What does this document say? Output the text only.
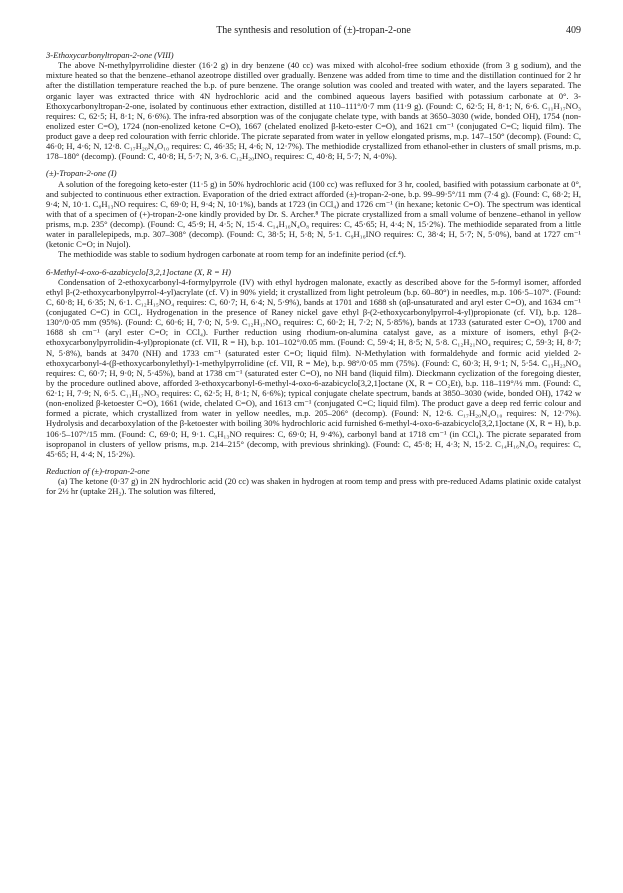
The synthesis and resolution of (±)-tropan-2-one	409

3-Ethoxycarbonyltropan-2-one (VIII)

The above N-methylpyrrolidine diester (16·2 g) in dry benzene (40 cc) was mixed with alcohol-free sodium ethoxide (from 3 g sodium), and the mixture heated so that the benzene–ethanol azeotrope distilled over gradually. Benzene was added from time to time and the distillation continued for 2 hr after the distillation temperature reached the b.p. of pure benzene. The orange solution was cooled and treated with water, and the layers separated. The organic layer was extracted thrice with 4N hydrochloric acid and the combined aqueous layers basified with potassium carbonate at 0°. 3-Ethoxycarbonyltropan-2-one, isolated by continuous ether extraction, distilled at 110–111°/0·7 mm (11·9 g). (Found: C, 62·5; H, 8·1; N, 6·6. C₁₁H₁₇NO₃ requires: C, 62·5; H, 8·1; N, 6·6%). The infra-red absorption was of the conjugate chelate type, with bands at 3650–3030 (wide, bonded OH), 1754 (non-enolized ester C=O), 1724 (non-enolized ketone C=O), 1667 (chelated enolized β-keto-ester C=O), and 1621 cm⁻¹ (conjugated C=C; liquid film). The product gave a deep red colouration with ferric chloride. The picrate separated from water in yellow elongated prisms, m.p. 147–150° (decomp). (Found: C, 46·0; H, 4·6; N, 12·8. C₁₇H₂₀N₄O₁₀ requires: C, 46·35; H, 4·6; N, 12·7%). The methiodide crystallized from ethanol-ether in clusters of small prisms, m.p. 178–180° (decomp). (Found: C, 40·8; H, 5·7; N, 3·6. C₁₂H₂₀INO₃ requires: C, 40·8; H, 5·7; N, 4·0%).

(±)-Tropan-2-one (I)

A solution of the foregoing keto-ester (11·5 g) in 50% hydrochloric acid (100 cc) was refluxed for 3 hr, cooled, basified with potassium carbonate at 0°, and subjected to continuous ether extraction. Evaporation of the dried extract afforded (±)-tropan-2-one, b.p. 99–99·5°/11 mm (7·4 g). (Found: C, 68·2; H, 9·4; N, 10·1. C₈H₁₃NO requires: C, 69·0; H, 9·4; N, 10·1%), bands at 1723 (in CCl₄) and 1726 cm⁻¹ (in hexane; ketonic C=O). The spectrum was identical with that of a specimen of (+)-tropan-2-one kindly provided by Dr. S. Archer.⁸ The picrate crystallized from a small volume of benzene–ethanol in yellow prisms, m.p. 235° (decomp). (Found: C, 45·9; H, 4·5; N, 15·4. C₁₄H₁₆N₄O₈ requires: C, 45·65; H, 4·4; N, 15·2%). The methiodide separated from a little water in parallelepipeds, m.p. 307–308° (decomp). (Found: C, 38·5; H, 5·8; N, 5·1. C₉H₁₆INO requires: C, 38·4; H, 5·7; N, 5·0%), band at 1727 cm⁻¹ (ketonic C=O; in Nujol).

The methiodide was stable to sodium hydrogen carbonate at room temp for an indefinite period (cf.⁴).

6-Methyl-4-oxo-6-azabicyclo[3,2,1]octane (X, R = H)

Condensation of 2-ethoxycarbonyl-4-formylpyrrole (IV) with ethyl hydrogen malonate, exactly as described above for the 5-formyl isomer, afforded ethyl β-(2-ethoxycarbonylpyrrol-4-yl)acrylate (cf. V) in 90% yield; it crystallized from light petroleum (b.p. 60–80°) in needles, m.p. 106·5–107°. (Found: C, 60·8; H, 6·35; N, 6·1. C₁₂H₁₅NO₄ requires: C, 60·7; H, 6·4; N, 5·9%), bands at 1701 and 1688 sh (αβ-unsaturated and aryl ester C=O), and 1634 cm⁻¹ (conjugated C=C) in CCl₄. Hydrogenation in the presence of Raney nickel gave ethyl β-(2-ethoxycarbonylpyrrol-4-yl)propionate (cf. VI), b.p. 128–130°/0·05 mm (95%). (Found: C, 60·6; H, 7·0; N, 5·9. C₁₂H₁₇NO₄ requires: C, 60·2; H, 7·2; N, 5·85%), bands at 1733 (saturated ester C=O), 1700 and 1688 sh cm⁻¹ (aryl ester C=O; in CCl₄). Further reduction using rhodium-on-alumina catalyst gave, as a mixture of isomers, ethyl β-(2-ethoxycarbonylpyrrolidin-4-yl)propionate (cf. VII, R = H), b.p. 101–102°/0.05 mm. (Found: C, 59·4; H, 8·5; N, 5·8. C₁₂H₂₁NO₄ requires; C, 59·3; H, 8·7; N, 5·8%), bands at 3470 (NH) and 1733 cm⁻¹ (saturated ester C=O; liquid film). N-Methylation with formaldehyde and formic acid yielded 2-ethoxycarbonyl-4-(β-ethoxycarbonylethyl)-1-methylpyrrolidine (cf. VII, R = Me), b.p. 98°/0·05 mm (75%). (Found: C, 60·3; H, 9·1; N, 5·54. C₁₃H₂₃NO₄ requires: C, 60·7; H, 9·0; N, 5·45%), band at 1738 cm⁻¹ (saturated ester C=O), no NH band (liquid film). Dieckmann cyclization of the foregoing diester, by the procedure outlined above, afforded 3-ethoxycarbonyl-6-methyl-4-oxo-6-azabicyclo[3,2,1]octane (X, R = CO₂Et), b.p. 118–119°/½ mm. (Found: C, 62·1; H, 7·9; N, 6·5. C₁₁H₁₇NO₃ requires: C, 62·5; H, 8·1; N, 6·6%); typical conjugate chelate spectrum, bands at 3850–3030 (wide, bonded OH), 1742 w (non-enolized β-ketoester C=O), 1661 (wide, chelated C=O), and 1613 cm⁻¹ (conjugated C=C; liquid film). The product gave a deep red ferric colour and formed a picrate, which crystallized from water in yellow needles, m.p. 205–206° (decomp). (Found: N, 12·6. C₁₇H₂₀N₄O₁₀ requires: N, 12·7%). Hydrolysis and decarboxylation of the β-ketoester with boiling 30% hydrochloric acid furnished 6-methyl-4-oxo-6-azabicyclo[3,2,1]octane (X, R = H), b.p. 106·5–107°/15 mm. (Found: C, 69·0; H, 9·1. C₈H₁₃NO requires: C, 69·0; H, 9·4%), carbonyl band at 1718 cm⁻¹ (in CCl₄). The picrate separated from isopropanol in clusters of yellow prisms, m.p. 214–215° (decomp, with previous shrinking). (Found: C, 45·8; H, 4·3; N, 15·2. C₁₄H₁₆N₄O₈ requires: C, 45·65; H, 4·4; N, 15·2%).

Reduction of (±)-tropan-2-one

(a) The ketone (0·37 g) in 2N hydrochloric acid (20 cc) was shaken in hydrogen at room temp and press with pre-reduced Adams platinic oxide catalyst for 2½ hr (uptake 2H₂). The solution was filtered,
